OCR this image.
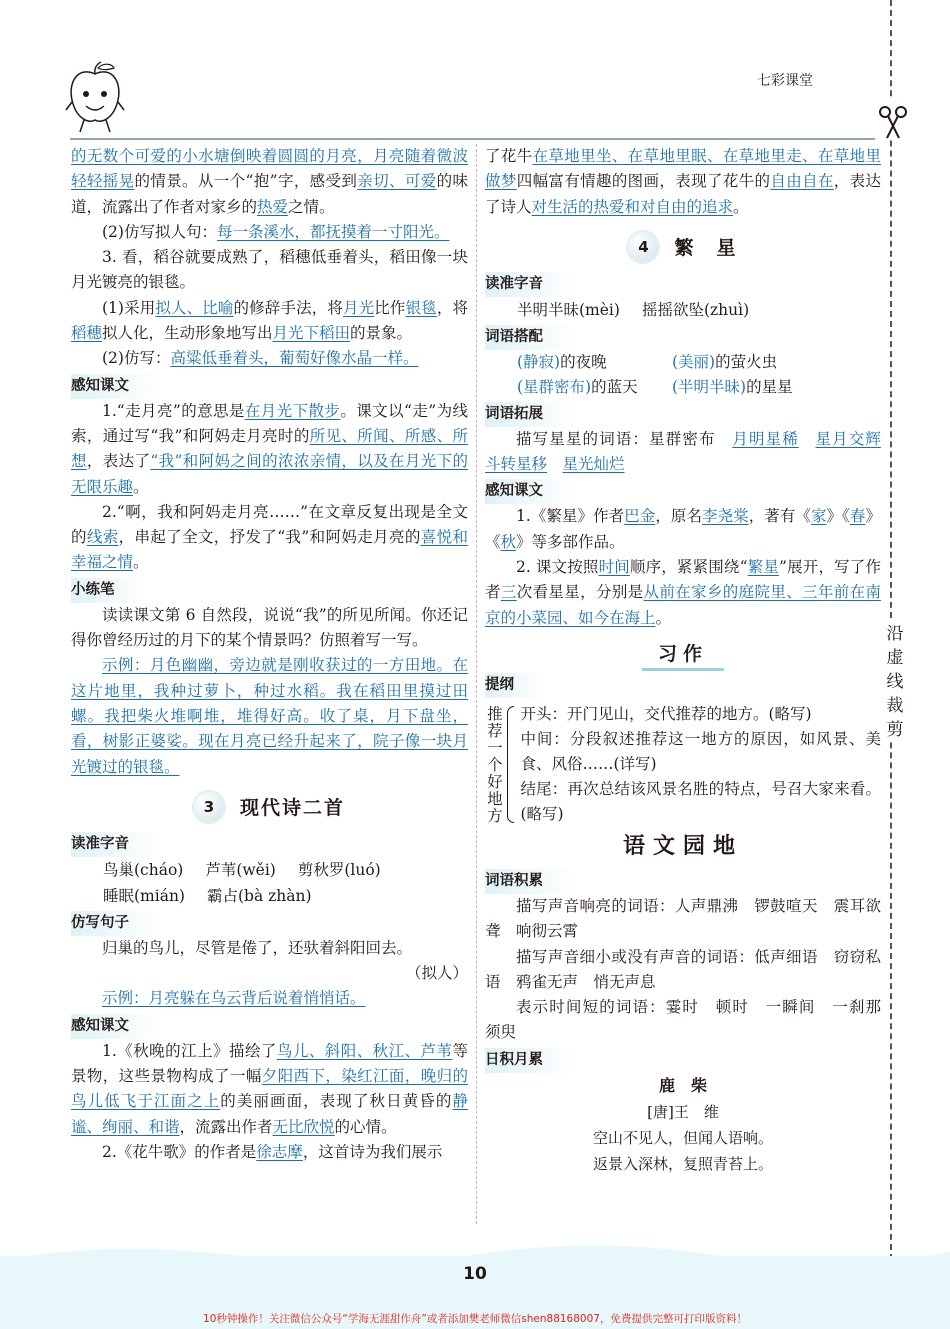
七彩课堂
沿虚线裁剪

的无数个可爱的小水塘倒映着圆圆的月亮，月亮随着微波轻轻摇晃的情景。从一个“抱”字，感受到亲切、可爱的味道，流露出了作者对家乡的热爱之情。

(2)仿写拟人句：每一条溪水，都抚摸着一寸阳光。

3. 看，稻谷就要成熟了，稻穗低垂着头，稻田像一块月光镀亮的银毯。

(1)采用拟人、比喻的修辞手法，将月光比作银毯，将稻穗拟人化，生动形象地写出月光下稻田的景象。

(2)仿写：高粱低垂着头，葡萄好像水晶一样。

感知课文

1.“走月亮”的意思是在月光下散步。课文以“走”为线索，通过写“我”和阿妈走月亮时的所见、所闻、所感、所想，表达了“我”和阿妈之间的浓浓亲情，以及在月光下的无限乐趣。

2.“啊，我和阿妈走月亮……”在文章反复出现是全文的线索，串起了全文，抒发了“我”和阿妈走月亮的喜悦和幸福之情。

小练笔

读读课文第 6 自然段，说说“我”的所见所闻。你还记得你曾经历过的月下的某个情景吗？仿照着写一写。

示例：月色幽幽，旁边就是刚收获过的一方田地。在这片地里，我种过萝卜，种过水稻。我在稻田里摸过田螺。我把柴火堆啊堆，堆得好高。收了桌，月下盘坐，看，树影正婆娑。现在月亮已经升起来了，院子像一块月光镀过的银毯。

3	现代诗二首
读准字音
鸟巢(cháo) 芦苇(wěi) 剪秋罗(luó)
睡眠(mián) 霸占(bà zhàn)
仿写句子

归巢的鸟儿，尽管是倦了，还驮着斜阳回去。

（拟人）

示例：月亮躲在乌云背后说着悄悄话。

感知课文

1.《秋晚的江上》描绘了鸟儿、斜阳、秋江、芦苇等景物，这些景物构成了一幅夕阳西下，染红江面，晚归的鸟儿低飞于江面之上的美丽画面，表现了秋日黄昏的静谧、绚丽、和谐，流露出作者无比欣悦的心情。

2.《花牛歌》的作者是徐志摩，这首诗为我们展示

了花牛在草地里坐、在草地里眠、在草地里走、在草地里做梦四幅富有情趣的图画，表现了花牛的自由自在，表达了诗人对生活的热爱和对自由的追求。

4	繁　星
读准字音
半明半昧(mèi) 摇摇欲坠(zhuì)
词语搭配
(静寂)的夜晚	(美丽)的萤火虫
(星群密布)的蓝天	(半明半昧)的星星
词语拓展

描写星星的词语：星群密布　 月明星稀　 星月交辉　斗转星移　 星光灿烂

感知课文

1.《繁星》作者巴金，原名李尧棠，著有《家》《春》《秋》等多部作品。

2. 课文按照时间顺序，紧紧围绕“繁星”展开，写了作者三次看星星，分别是从前在家乡的庭院里、三年前在南京的小菜园、如今在海上。

习作
提纲
推荐一个好地方

开头：开门见山，交代推荐的地方。(略写)

中间：分段叙述推荐这一地方的原因，如风景、美食、风俗……(详写)

结尾：再次总结该风景名胜的特点，号召大家来看。(略写)

语文园地
词语积累

描写声音响亮的词语：人声鼎沸　锣鼓喧天　震耳欲聋　响彻云霄

描写声音细小或没有声音的词语：低声细语　窃窃私语　鸦雀无声　悄无声息

表示时间短的词语：霎时　顿时　一瞬间　一刹那　须臾

日积月累
鹿　柴
[唐]王　维
空山不见人，但闻人语响。
返景入深林，复照青苔上。
10
10秒钟操作！关注微信公众号“学海无涯甜作舟”或者添加樊老师微信shen88168007，免费提供完整可打印版资料！
